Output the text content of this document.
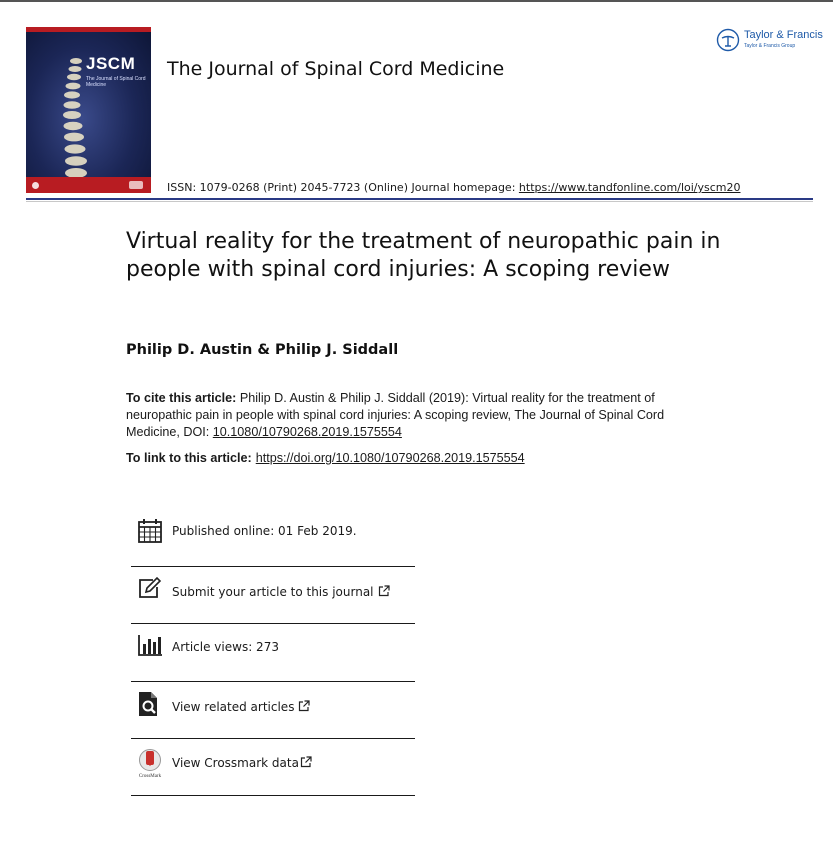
JSCM
The Journal of Spinal Cord Medicine
The Journal of Spinal Cord Medicine
Taylor & Francis
Taylor & Francis Group
ISSN: 1079-0268 (Print) 2045-7723 (Online) Journal homepage: https://www.tandfonline.com/loi/yscm20
Virtual reality for the treatment of neuropathic pain in people with spinal cord injuries: A scoping review
Philip D. Austin & Philip J. Siddall
To cite this article: Philip D. Austin & Philip J. Siddall (2019): Virtual reality for the treatment of neuropathic pain in people with spinal cord injuries: A scoping review, The Journal of Spinal Cord Medicine, DOI: 10.1080/10790268.2019.1575554
To link to this article: https://doi.org/10.1080/10790268.2019.1575554
Published online: 01 Feb 2019.
Submit your article to this journal
Article views: 273
View related articles
CrossMark
View Crossmark data
